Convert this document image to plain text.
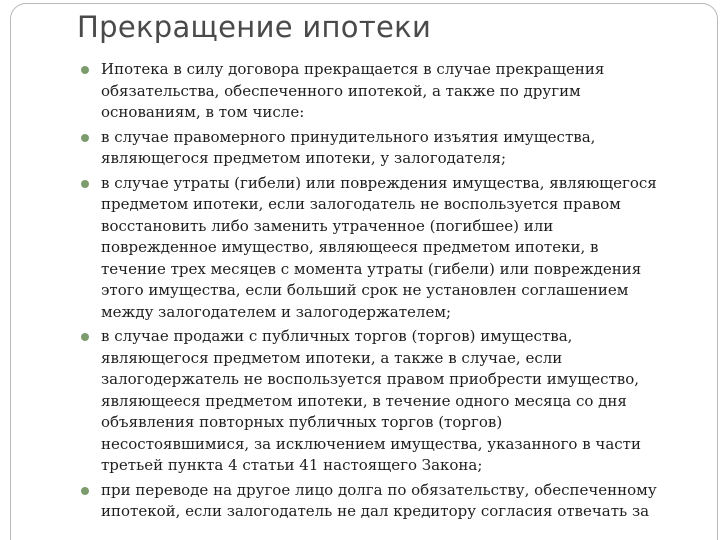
Прекращение ипотеки
Ипотека в силу договора прекращается в случае прекращения
обязательства, обеспеченного ипотекой, а также по другим
основаниям, в том числе:
в случае правомерного принудительного изъятия имущества,
являющегося предметом ипотеки, у залогодателя;
в случае утраты (гибели) или повреждения имущества, являющегося
предметом ипотеки, если залогодатель не воспользуется правом
восстановить либо заменить утраченное (погибшее) или
поврежденное имущество, являющееся предметом ипотеки, в
течение трех месяцев с момента утраты (гибели) или повреждения
этого имущества, если больший срок не установлен соглашением
между залогодателем и залогодержателем;
в случае продажи с публичных торгов (торгов) имущества,
являющегося предметом ипотеки, а также в случае, если
залогодержатель не воспользуется правом приобрести имущество,
являющееся предметом ипотеки, в течение одного месяца со дня
объявления повторных публичных торгов (торгов)
несостоявшимися, за исключением имущества, указанного в части
третьей пункта 4 статьи 41 настоящего Закона;
при переводе на другое лицо долга по обязательству, обеспеченному
ипотекой, если залогодатель не дал кредитору согласия отвечать за
